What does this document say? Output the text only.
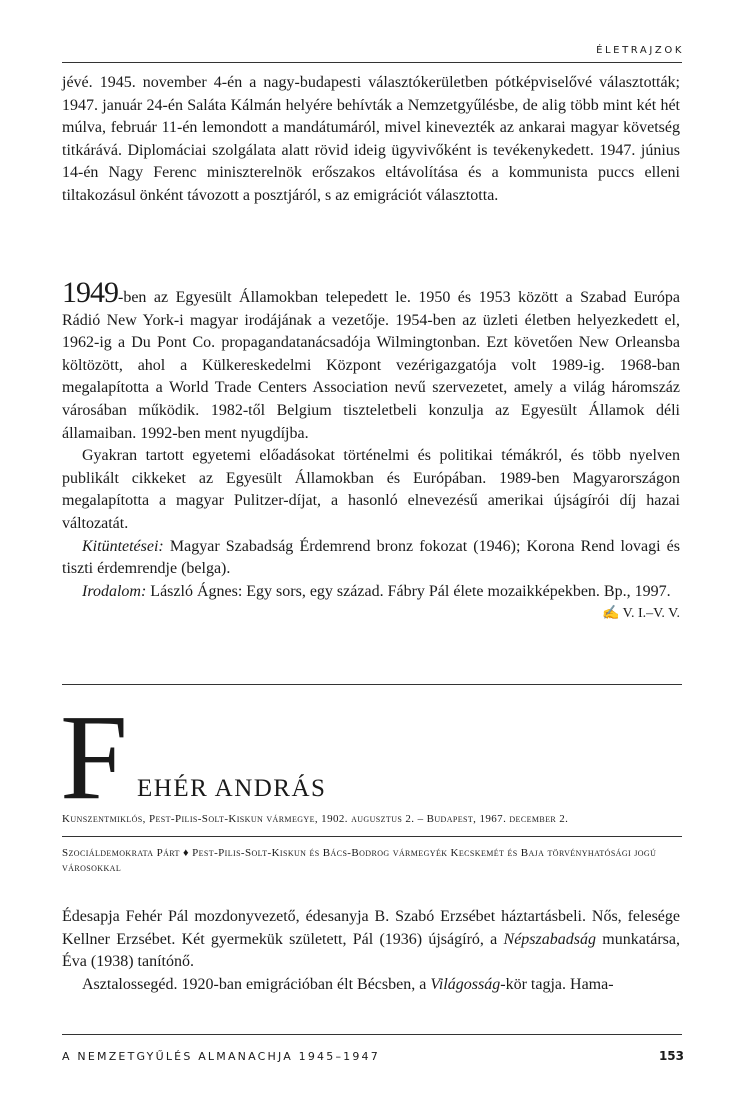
ÉLETRAJZOK

jévé. 1945. november 4-én a nagy-budapesti választókerületben pótképviselővé választották; 1947. január 24-én Saláta Kálmán helyére behívták a Nemzetgyűlésbe, de alig több mint két hét múlva, február 11-én lemondott a mandátumáról, mivel kinevezték az ankarai magyar követség titkárává. Diplomáciai szolgálata alatt rövid ideig ügyvivőként is tevékenykedett. 1947. június 14-én Nagy Ferenc miniszterelnök erőszakos eltávolítása és a kommunista puccs elleni tiltakozásul önként távozott a posztjáról, s az emigrációt választotta.

1949-ben az Egyesült Államokban telepedett le. 1950 és 1953 között a Szabad Európa Rádió New York-i magyar irodájának a vezetője. 1954-ben az üzleti életben helyezkedett el, 1962-ig a Du Pont Co. propagandatanácsadója Wilmingtonban. Ezt követően New Orleansba költözött, ahol a Külkereskedelmi Központ vezérigazgatója volt 1989-ig. 1968-ban megalapította a World Trade Centers Association nevű szervezetet, amely a világ háromszáz városában működik. 1982-től Belgium tiszteletbeli konzulja az Egyesült Államok déli államaiban. 1992-ben ment nyugdíjba.

Gyakran tartott egyetemi előadásokat történelmi és politikai témákról, és több nyelven publikált cikkeket az Egyesült Államokban és Európában. 1989-ben Magyarországon megalapította a magyar Pulitzer-díjat, a hasonló elnevezésű amerikai újságírói díj hazai változatát.

Kitüntetései: Magyar Szabadság Érdemrend bronz fokozat (1946); Korona Rend lovagi és tiszti érdemrendje (belga).

Irodalom: László Ágnes: Egy sors, egy század. Fábry Pál élete mozaikképekben. Bp., 1997.
✍ V. I.–V. V.

F EHÉR ANDRÁS
Kunszentmiklós, Pest-Pilis-Solt-Kiskun vármegye, 1902. augusztus 2. – Budapest, 1967. december 2.
Szociáldemokrata Párt ♦ Pest-Pilis-Solt-Kiskun és Bács-Bodrog vármegyék Kecskemét és Baja törvényhatósági jogú városokkal

Édesapja Fehér Pál mozdonyvezető, édesanyja B. Szabó Erzsébet háztartásbeli. Nős, felesége Kellner Erzsébet. Két gyermekük született, Pál (1936) újságíró, a Népszabadság munkatársa, Éva (1938) tanítónő.

Asztalossegéd. 1920-ban emigrációban élt Bécsben, a Világosság-kör tagja. Hama-

A NEMZETGYŰLÉS ALMANACHJA 1945–1947	153
